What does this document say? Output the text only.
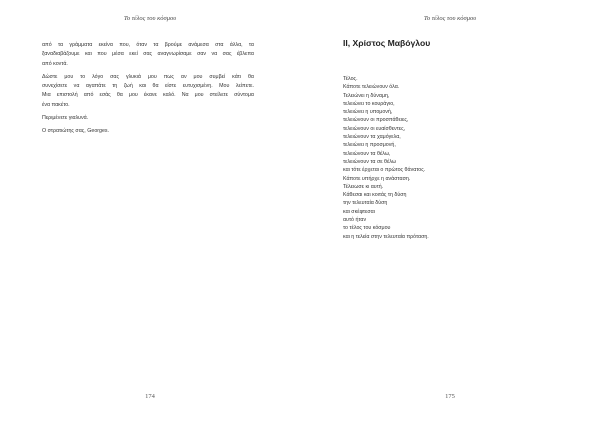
Το τέλος του κόσμου

από τα γράμματα εκείνα που, όταν τα βρούμε ανάμεσα στα άλλα, τα
ξαναδιαβάζουμε και που μέσα εκεί σας αναγνωρίσαμε σαν να σας έβλεπα
από κοντά.

Δώστε μου το λόγο σας γλυκιά μου πως αν μου συμβεί κάτι θα
συνεχίσετε να αγαπάτε τη ζωή και θα είστε ευτυχισμένη. Μου λείπετε.
Μια επιστολή από εσάς θα μου έκανε καλό. Να μου στείλετε σύντομα
ένα πακέτο.

Περιμένετε γιαλυνά.

Ο στρατιώτης σας, Georges.

174
Το τέλος του κόσμου
175
ΙΙ, Χρίστος Μαβόγλου
Τέλος.
Κάποτε τελειώνουν όλα.
Τελειώνει η δύναμη,
τελειώνει το κουράγιο,
τελειώνει η υπομονή,
τελειώνουν οι προσπάθειες,
τελειώνουν οι ευαίσθεντες,
τελειώνουν τα χαμόγελα,
τελειώνει η προσμονή,
τελειώνουν τα θέλω,
τελειώνουν τα σε θέλω
και τότε έρχεται ο πρώτος θάνατος.
Κάποτε υπήρχε η ανάσταση.
Τέλειωσε κι αυτή.
Κάθεσαι και κοιτάς τη δύση
την τελευταία δύση
και σκέφτεσαι
αυτό ήταν
το τέλος του κόσμου
και η τελεία στην τελευταία πρόταση.
